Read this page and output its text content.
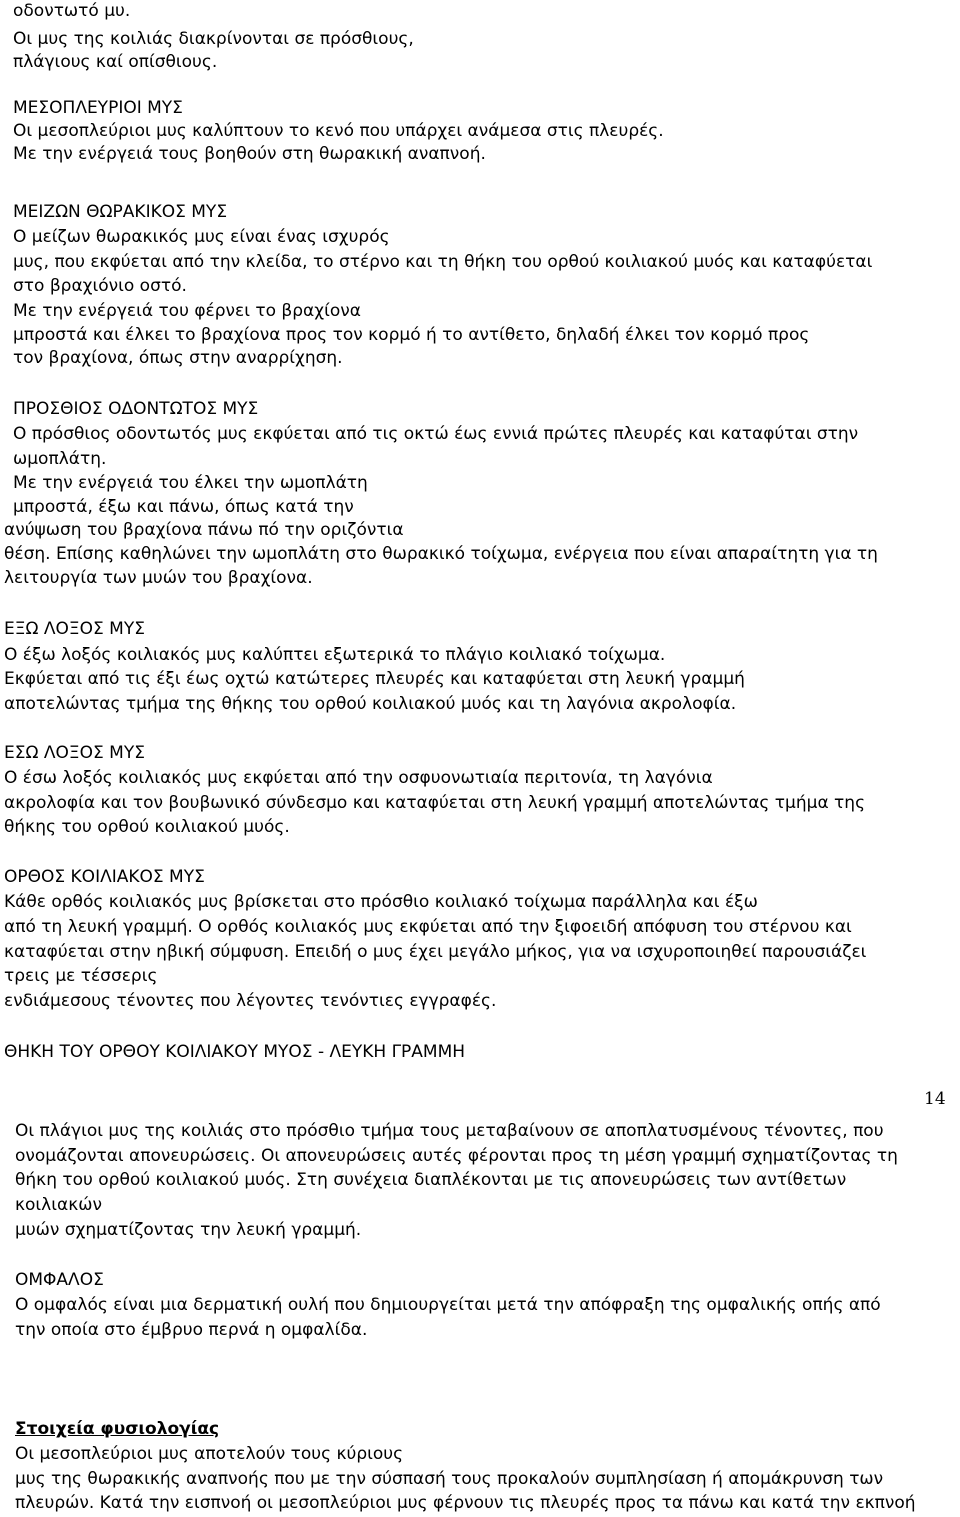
οδοντωτό μυ.
Οι μυς της κοιλιάς διακρίνονται σε πρόσθιους,
πλάγιους καί οπίσθιους.
ΜΕΣΟΠΛΕΥΡΙΟΙ ΜΥΣ
Οι μεσοπλεύριοι μυς καλύπτουν το κενό που υπάρχει ανάμεσα στις πλευρές.
Με την ενέργειά τους βοηθούν στη θωρακική αναπνοή.
ΜΕΙΖΩΝ ΘΩΡΑΚΙΚΟΣ ΜΥΣ
Ο μείζων θωρακικός μυς είναι ένας ισχυρός
μυς, που εκφύεται από την κλείδα, το στέρνο και τη θήκη του ορθού κοιλιακού μυός και καταφύεται
στο βραχιόνιο οστό.
Με την ενέργειά του φέρνει το βραχίονα
μπροστά και έλκει το βραχίονα προς τον κορμό ή το αντίθετο, δηλαδή έλκει τον κορμό προς
τον βραχίονα, όπως στην αναρρίχηση.
ΠΡΟΣΘΙΟΣ ΟΔΟΝΤΩΤΟΣ ΜΥΣ
Ο πρόσθιος οδοντωτός μυς εκφύεται από τις οκτώ έως εννιά πρώτες πλευρές και καταφύται στην
ωμοπλάτη.
Με την ενέργειά του έλκει την ωμοπλάτη
μπροστά, έξω και πάνω, όπως κατά την
ανύψωση του βραχίονα πάνω πό την οριζόντια
θέση. Επίσης καθηλώνει την ωμοπλάτη στο θωρακικό τοίχωμα, ενέργεια που είναι απαραίτητη για τη
λειτουργία των μυών του βραχίονα.
ΕΞΩ ΛΟΞΟΣ ΜΥΣ
Ο έξω λοξός κοιλιακός μυς καλύπτει εξωτερικά το πλάγιο κοιλιακό τοίχωμα.
Εκφύεται από τις έξι έως οχτώ κατώτερες πλευρές και καταφύεται στη λευκή γραμμή
αποτελώντας τμήμα της θήκης του ορθού κοιλιακού μυός και τη λαγόνια ακρολοφία.
ΕΣΩ ΛΟΞΟΣ ΜΥΣ
Ο έσω λοξός κοιλιακός μυς εκφύεται από την οσφυονωτιαία περιτονία, τη λαγόνια
ακρολοφία και τον βουβωνικό σύνδεσμο και καταφύεται στη λευκή γραμμή αποτελώντας τμήμα της
θήκης του ορθού κοιλιακού μυός.
ΟΡΘΟΣ ΚΟΙΛΙΑΚΟΣ ΜΥΣ
Κάθε ορθός κοιλιακός μυς βρίσκεται στο πρόσθιο κοιλιακό τοίχωμα παράλληλα και έξω
από τη λευκή γραμμή. Ο ορθός κοιλιακός μυς εκφύεται από την ξιφοειδή απόφυση του στέρνου και
καταφύεται στην ηβική σύμφυση. Επειδή ο μυς έχει μεγάλο μήκος, για να ισχυροποιηθεί παρουσιάζει
τρεις με τέσσερις
ενδιάμεσους τένοντες που λέγοντες τενόντιες εγγραφές.
ΘΗΚΗ ΤΟΥ ΟΡΘΟΥ ΚΟΙΛΙΑΚΟΥ ΜΥΟΣ - ΛΕΥΚΗ ΓΡΑΜΜΗ
14
Οι πλάγιοι μυς της κοιλιάς στο πρόσθιο τμήμα τους μεταβαίνουν σε αποπλατυσμένους τένοντες, που
ονομάζονται απονευρώσεις. Οι απονευρώσεις αυτές φέρονται προς τη μέση γραμμή σχηματίζοντας τη
θήκη του ορθού κοιλιακού μυός. Στη συνέχεια διαπλέκονται με τις απονευρώσεις των αντίθετων
κοιλιακών
μυών σχηματίζοντας την λευκή γραμμή.
ΟΜΦΑΛΟΣ
Ο ομφαλός είναι μια δερματική ουλή που δημιουργείται μετά την απόφραξη της ομφαλικής οπής από
την οποία στο έμβρυο περνά η ομφαλίδα.
Στοιχεία φυσιολογίας
Οι μεσοπλεύριοι μυς αποτελούν τους κύριους
μυς της θωρακικής αναπνοής που με την σύσπασή τους προκαλούν συμπλησίαση ή απομάκρυνση των
πλευρών. Κατά την εισπνοή οι μεσοπλεύριοι μυς φέρνουν τις πλευρές προς τα πάνω και κατά την εκπνοή
